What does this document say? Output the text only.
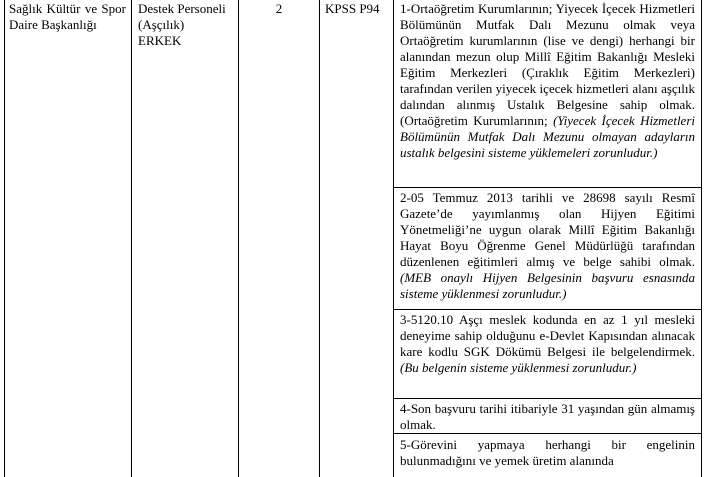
Sağlık Kültür ve Spor Daire Başkanlığı
Destek Personeli
(Aşçılık)
ERKEK
2	KPSS P94	1-Ortaöğretim Kurumlarının; Yiyecek İçecek Hizmetleri Bölümünün Mutfak Dalı Mezunu olmak veya Ortaöğretim kurumlarının (lise ve dengi) herhangi bir alanından mezun olup Millî Eğitim Bakanlığı Mesleki Eğitim Merkezleri (Çıraklık Eğitim Merkezleri) tarafından verilen yiyecek içecek hizmetleri alanı aşçılık dalından alınmış Ustalık Belgesine sahip olmak. (Ortaöğretim Kurumlarının; (Yiyecek İçecek Hizmetleri Bölümünün Mutfak Dalı Mezunu olmayan adayların ustalık belgesini sisteme yüklemeleri zorunludur.)
2-05 Temmuz 2013 tarihli ve 28698 sayılı Resmî Gazete’de yayımlanmış olan Hijyen Eğitimi Yönetmeliği’ne uygun olarak Millî Eğitim Bakanlığı Hayat Boyu Öğrenme Genel Müdürlüğü tarafından düzenlenen eğitimleri almış ve belge sahibi olmak. (MEB onaylı Hijyen Belgesinin başvuru esnasında sisteme yüklenmesi zorunludur.)
3-5120.10 Aşçı meslek kodunda en az 1 yıl mesleki deneyime sahip olduğunu e-Devlet Kapısından alınacak kare kodlu SGK Dökümü Belgesi ile belgelendirmek. (Bu belgenin sisteme yüklenmesi zorunludur.)
4-Son başvuru tarihi itibariyle 31 yaşından gün almamış olmak.
5-Görevini yapmaya herhangi bir engelinin bulunmadığını ve yemek üretim alanında
